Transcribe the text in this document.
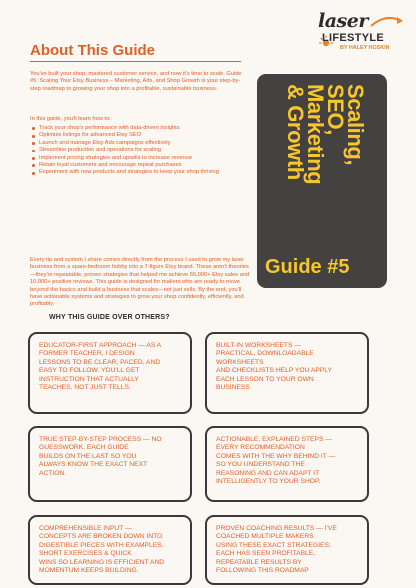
laser
LIFESTYLE
BY HALEY HOSKIN
About This Guide

You've built your shop, mastered customer service, and now it's time to scale. Guide #5: Scaling Your Etsy Business – Marketing, Ads, and Shop Growth is your step-by-step roadmap to growing your shop into a profitable, sustainable business.

In this guide, you'll learn how to:

Track your shop's performance with data-driven insights
Optimize listings for advanced Etsy SEO
Launch and manage Etsy Ads campaigns effectively
Streamline production and operations for scaling
Implement pricing strategies and upsells to increase revenue
Retain loyal customers and encourage repeat purchases
Experiment with new products and strategies to keep your shop thriving

Every tip and system I share comes directly from the process I used to grow my laser business from a spare-bedroom hobby into a 7-figure Etsy brand. These aren't theories—they're repeatable, proven strategies that helped me achieve 55,000+ Etsy sales and 10,000+ positive reviews. This guide is designed for makers who are ready to move beyond the basics and build a business that scales—not just sells. By the end, you'll have actionable systems and strategies to grow your shop confidently, efficiently, and profitably.

Scaling,
SEO,
Marketing
& Growth
Guide #5
WHY THIS GUIDE OVER OTHERS?

EDUCATOR-FIRST APPROACH — AS A
FORMER TEACHER, I DESIGN
LESSONS TO BE CLEAR, PACED, AND
EASY TO FOLLOW. YOU'LL GET
INSTRUCTION THAT ACTUALLY
TEACHES, NOT JUST TELLS.

BUILT-IN WORKSHEETS —
PRACTICAL, DOWNLOADABLE
WORKSHEETS
AND CHECKLISTS HELP YOU APPLY
EACH LESSON TO YOUR OWN
BUSINESS

TRUE STEP-BY-STEP PROCESS — NO
GUESSWORK. EACH GUIDE
BUILDS ON THE LAST SO YOU
ALWAYS KNOW THE EXACT NEXT
ACTION.

ACTIONABLE, EXPLAINED STEPS —
EVERY RECOMMENDATION
COMES WITH THE WHY BEHIND IT —
SO YOU UNDERSTAND THE
REASONING AND CAN ADAPT IT
INTELLIGENTLY TO YOUR SHOP.

COMPREHENSIBLE INPUT —
CONCEPTS ARE BROKEN DOWN INTO
DIGESTIBLE PIECES WITH EXAMPLES.
SHORT EXERCISES & QUICK
WINS SO LEARNING IS EFFICIENT AND
MOMENTUM KEEPS BUILDING.

PROVEN COACHING RESULTS — I'VE
COACHED MULTIPLE MAKERS
USING THESE EXACT STRATEGIES;
EACH HAS SEEN PROFITABLE,
REPEATABLE RESULTS BY
FOLLOWING THIS ROADMAP
